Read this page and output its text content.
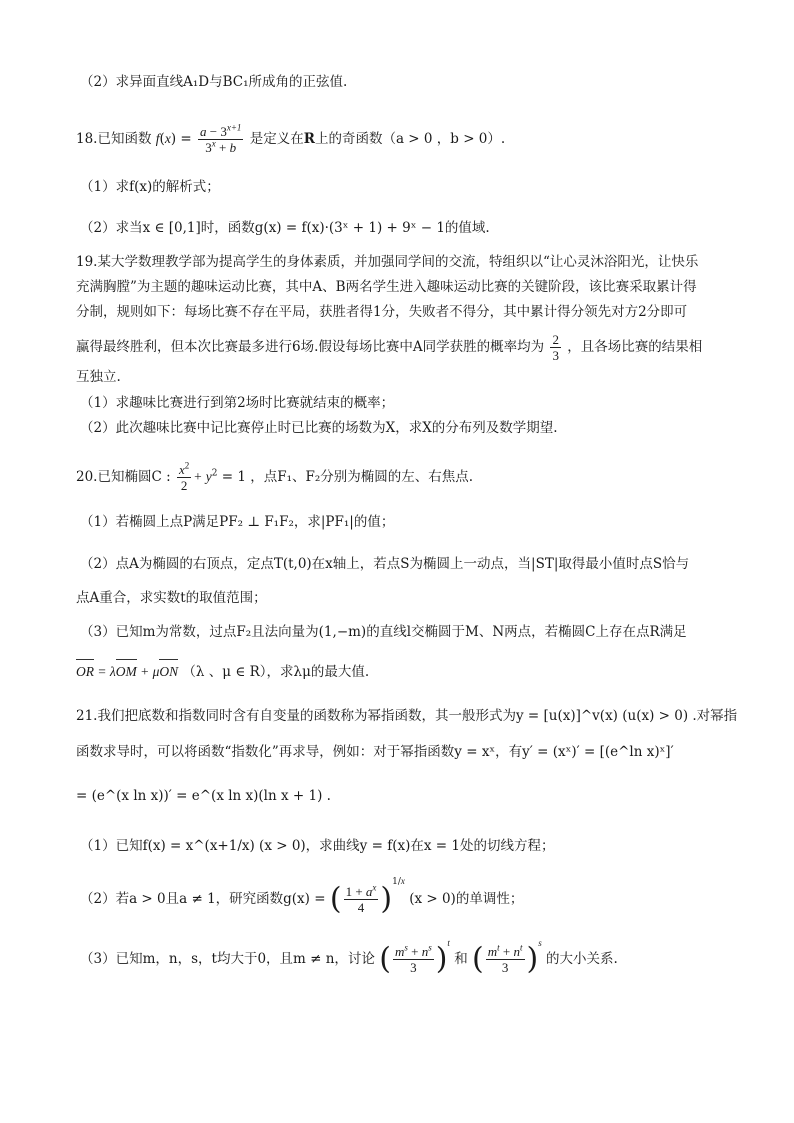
（2）求异面直线A₁D与BC₁所成角的正弦值.
18.已知函数 $f(x) = \frac{a - 3^{x+1}}{3^x + b}$ 是定义在R上的奇函数（a > 0 ，b > 0）.
（1）求f(x)的解析式；
（2）求当x ∈ [0,1]时，函数g(x) = f(x)·(3ˣ + 1) + 9ˣ − 1的值域.
19.某大学数理教学部为提高学生的身体素质，并加强同学间的交流，特组织以“让心灵沐浴阳光，让快乐
充满胸膛”为主题的趣味运动比赛，其中A、B两名学生进入趣味运动比赛的关键阶段，该比赛采取累计得
分制，规则如下：每场比赛不存在平局，获胜者得1分，失败者不得分，其中累计得分领先对方2分即可
赢得最终胜利，但本次比赛最多进行6场.假设每场比赛中A同学获胜的概率均为 $\frac{2}{3}$ ，且各场比赛的结果相
互独立.
（1）求趣味比赛进行到第2场时比赛就结束的概率；
（2）此次趣味比赛中记比赛停止时已比赛的场数为X，求X的分布列及数学期望.
20.已知椭圆C : $\frac{x^2}{2} + y^2 = 1$ ，点F₁、F₂分别为椭圆的左、右焦点.
（1）若椭圆上点P满足PF₂ ⊥ F₁F₂，求|PF₁|的值；
（2）点A为椭圆的右顶点，定点T(t,0)在x轴上，若点S为椭圆上一动点，当|ST|取得最小值时点S恰与
点A重合，求实数t的取值范围；
（3）已知m为常数，过点F₂且法向量为(1,−m)的直线l交椭圆于M、N两点，若椭圆C上存在点R满足
OR = λOM + μON （λ 、μ ∈ R），求λμ的最大值.
21.我们把底数和指数同时含有自变量的函数称为幂指函数，其一般形式为y = [u(x)]^v(x) (u(x) > 0) .对幂指
函数求导时，可以将函数“指数化”再求导，例如：对于幂指函数y = xˣ，有y′ = (xˣ)′ = [(e^ln x)ˣ]′
= (e^(x ln x))′ = e^(x ln x)(ln x + 1) .
（1）已知f(x) = x^(x+1/x) (x > 0)，求曲线y = f(x)在x = 1处的切线方程；
（2）若a > 0且a ≠ 1，研究函数g(x) = ( $\frac{1 + a^x}{4} )^{1/x}$ (x > 0)的单调性；
（3）已知m，n，s，t均大于0，且m ≠ n，讨论 ( $\frac{m^s + n^s}{3} )^t$ 和 ( $\frac{m^t + n^t}{3} )^s$ 的大小关系.
